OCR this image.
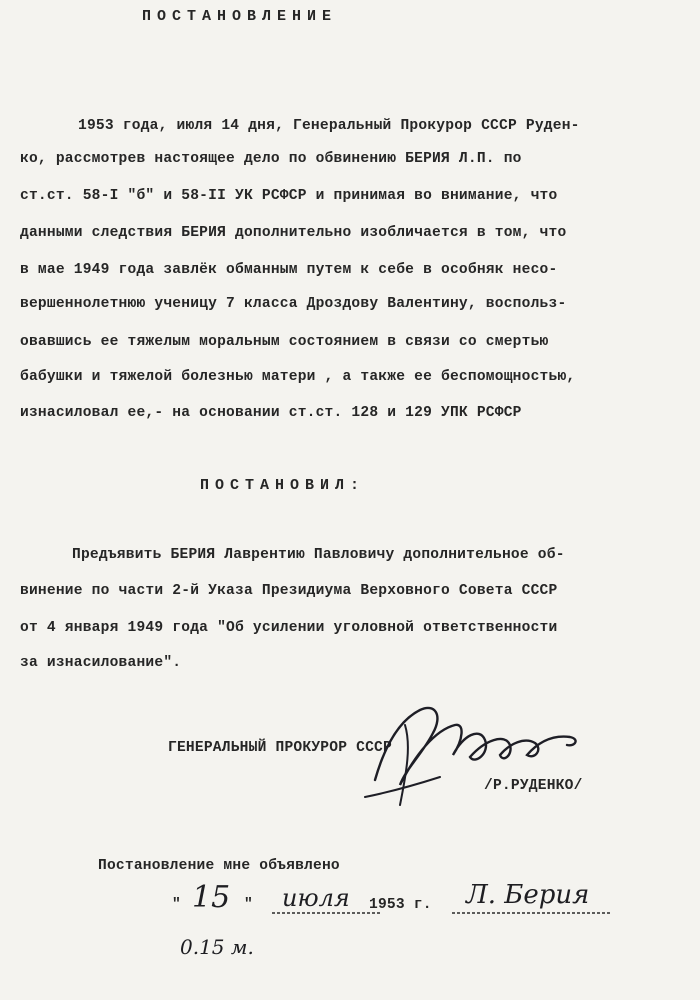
ПОСТАНОВЛЕНИЕ
1953 года, июля 14 дня, Генеральный Прокурор СССР Руден-
ко, рассмотрев настоящее дело по обвинению БЕРИЯ Л.П. по
ст.ст. 58-I "б" и 58-II УК РСФСР и принимая во внимание, что
данными следствия БЕРИЯ дополнительно изобличается в том, что
в мае 1949 года завлёк обманным путем к себе в особняк несо-
вершеннолетнюю ученицу 7 класса Дроздову Валентину, воспольз-
овавшись ее тяжелым моральным состоянием в связи со смертью
бабушки и тяжелой болезнью матери , а также ее беспомощностью,
изнасиловал ее,- на основании ст.ст. 128 и 129 УПК РСФСР
ПОСТАНОВИЛ:
Предъявить БЕРИЯ Лаврентию Павловичу дополнительное об-
винение по части 2-й Указа Президиума Верховного Совета СССР
от 4 января 1949 года "Об усилении уголовной ответственности
за изнасилование".
ГЕНЕРАЛЬНЫЙ ПРОКУРОР СССР
/Р.РУДЕНКО/
Постановление мне объявлено
" 15 " июля 1953 г. Л. Берия
0.15 м.
